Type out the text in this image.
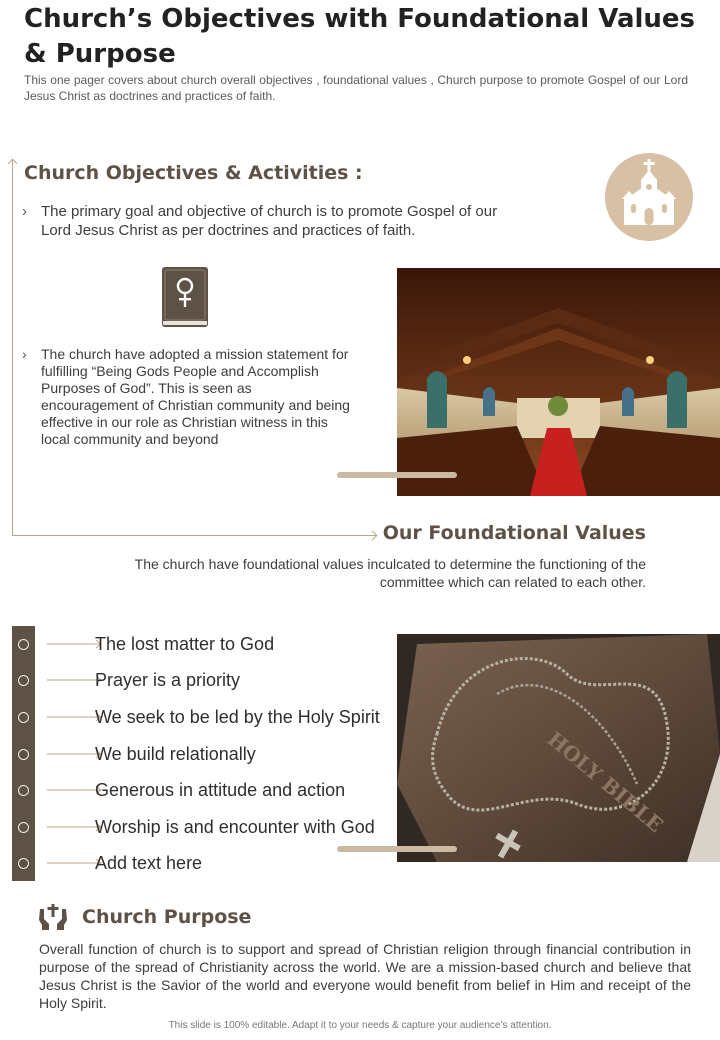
Church’s Objectives with Foundational Values & Purpose

This one pager covers about church overall objectives , foundational values , Church purpose to promote Gospel of our Lord Jesus Christ as doctrines and practices of faith.

Church Objectives & Activities :
› The primary goal and objective of church is to promote Gospel of our Lord Jesus Christ as per doctrines and practices of faith.
›	The church have adopted a mission statement for fulfilling “Being Gods People and Accomplish Purposes of God”. This is seen as encouragement of Christian community and being effective in our role as Christian witness in this local community and beyond
Our Foundational Values

The church have foundational values inculcated to determine the functioning of the committee which can related to each other.

The lost matter to God
Prayer is a priority
We seek to be led by the Holy Spirit
We build relationally
Generous in attitude and action
Worship is and encounter with God
Add text here
HOLY BIBLE
Church Purpose

Overall function of church is to support and spread of Christian religion through financial contribution in purpose of the spread of Christianity across the world. We are a mission-based church and believe that Jesus Christ is the Savior of the world and everyone would benefit from belief in Him and receipt of the Holy Spirit.

This slide is 100% editable. Adapt it to your needs & capture your audience’s attention.
